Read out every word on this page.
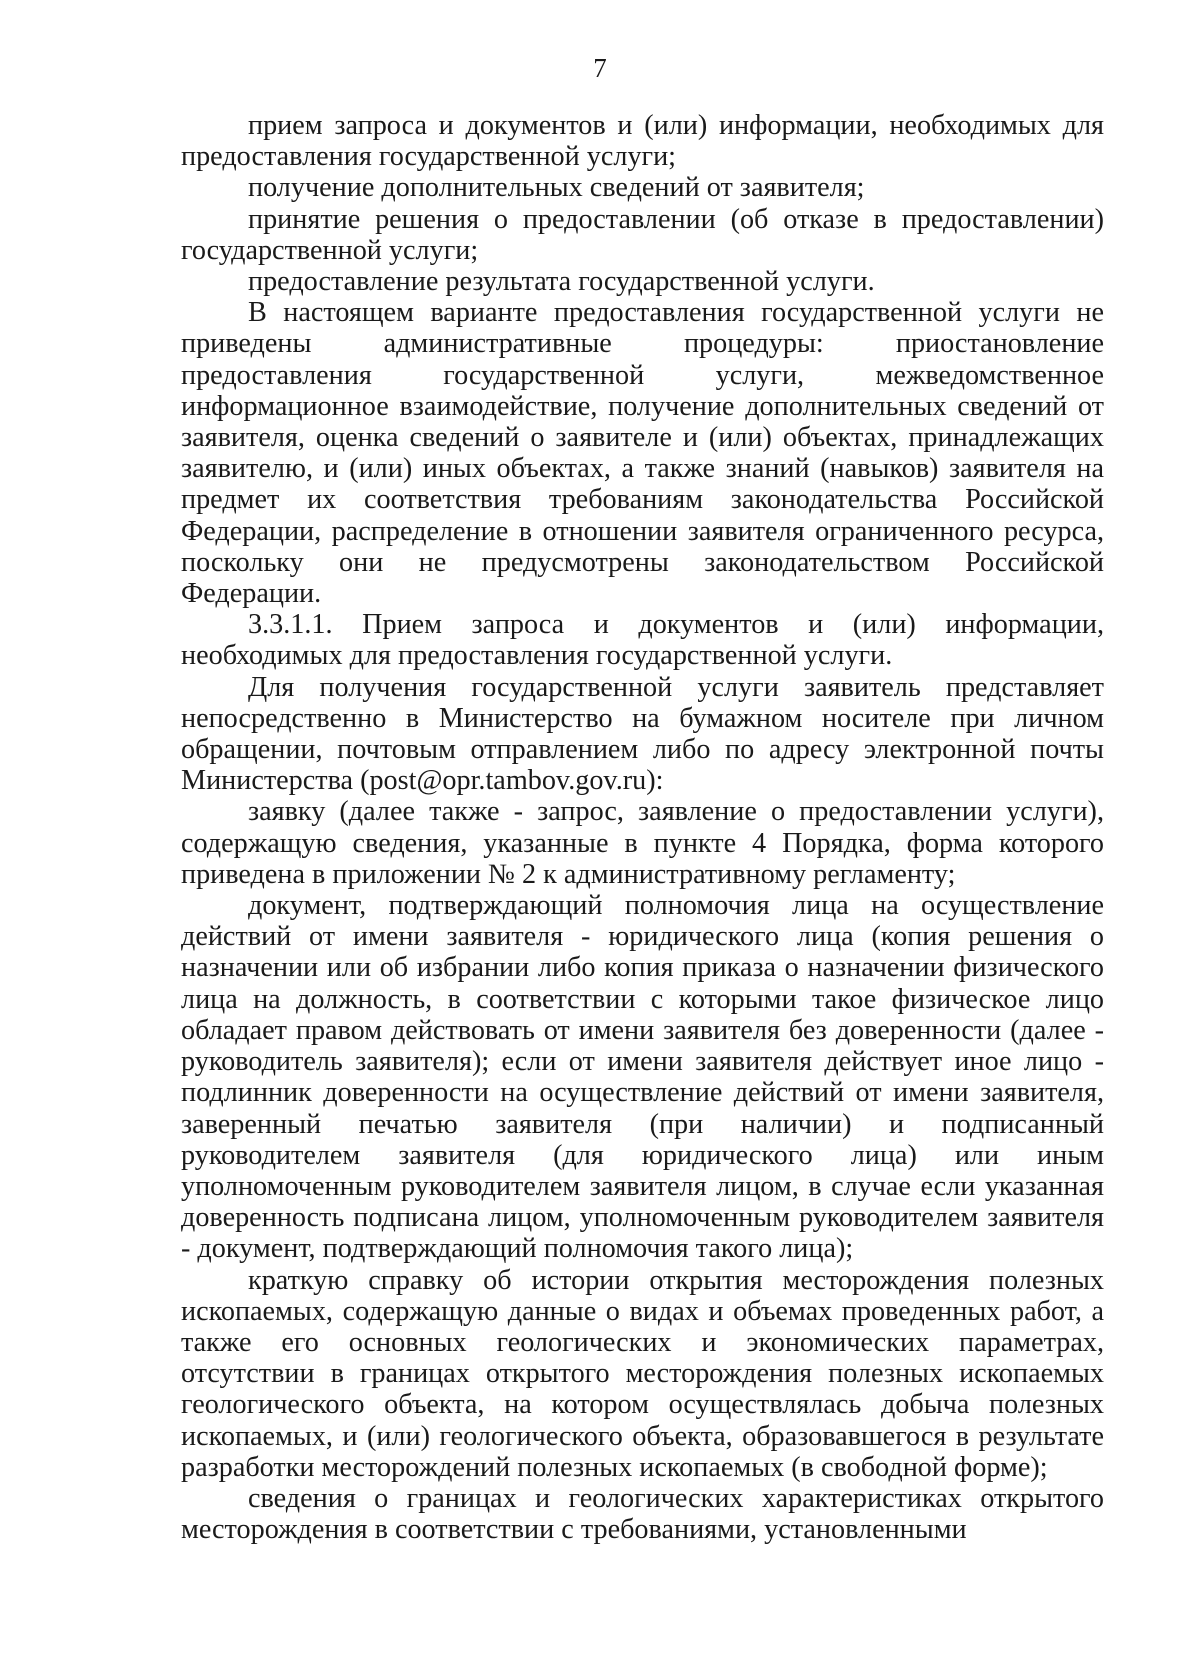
7

прием запроса и документов и (или) информации, необходимых для предоставления государственной услуги;

получение дополнительных сведений от заявителя;

принятие решения о предоставлении (об отказе в предоставлении) государственной услуги;

предоставление результата государственной услуги.

В настоящем варианте предоставления государственной услуги не приведены административные процедуры: приостановление предоставления государственной услуги, межведомственное информационное взаимодействие, получение дополнительных сведений от заявителя, оценка сведений о заявителе и (или) объектах, принадлежащих заявителю, и (или) иных объектах, а также знаний (навыков) заявителя на предмет их соответствия требованиям законодательства Российской Федерации, распределение в отношении заявителя ограниченного ресурса, поскольку они не предусмотрены законодательством Российской Федерации.

3.3.1.1. Прием запроса и документов и (или) информации, необходимых для предоставления государственной услуги.

Для получения государственной услуги заявитель представляет непосредственно в Министерство на бумажном носителе при личном обращении, почтовым отправлением либо по адресу электронной почты Министерства (post@opr.tambov.gov.ru):

заявку (далее также - запрос, заявление о предоставлении услуги), содержащую сведения, указанные в пункте 4 Порядка, форма которого приведена в приложении № 2 к административному регламенту;

документ, подтверждающий полномочия лица на осуществление действий от имени заявителя - юридического лица (копия решения о назначении или об избрании либо копия приказа о назначении физического лица на должность, в соответствии с которыми такое физическое лицо обладает правом действовать от имени заявителя без доверенности (далее - руководитель заявителя); если от имени заявителя действует иное лицо - подлинник доверенности на осуществление действий от имени заявителя, заверенный печатью заявителя (при наличии) и подписанный руководителем заявителя (для юридического лица) или иным уполномоченным руководителем заявителя лицом, в случае если указанная доверенность подписана лицом, уполномоченным руководителем заявителя - документ, подтверждающий полномочия такого лица);

краткую справку об истории открытия месторождения полезных ископаемых, содержащую данные о видах и объемах проведенных работ, а также его основных геологических и экономических параметрах, отсутствии в границах открытого месторождения полезных ископаемых геологического объекта, на котором осуществлялась добыча полезных ископаемых, и (или) геологического объекта, образовавшегося в результате разработки месторождений полезных ископаемых (в свободной форме);

сведения о границах и геологических характеристиках открытого месторождения в соответствии с требованиями, установленными
